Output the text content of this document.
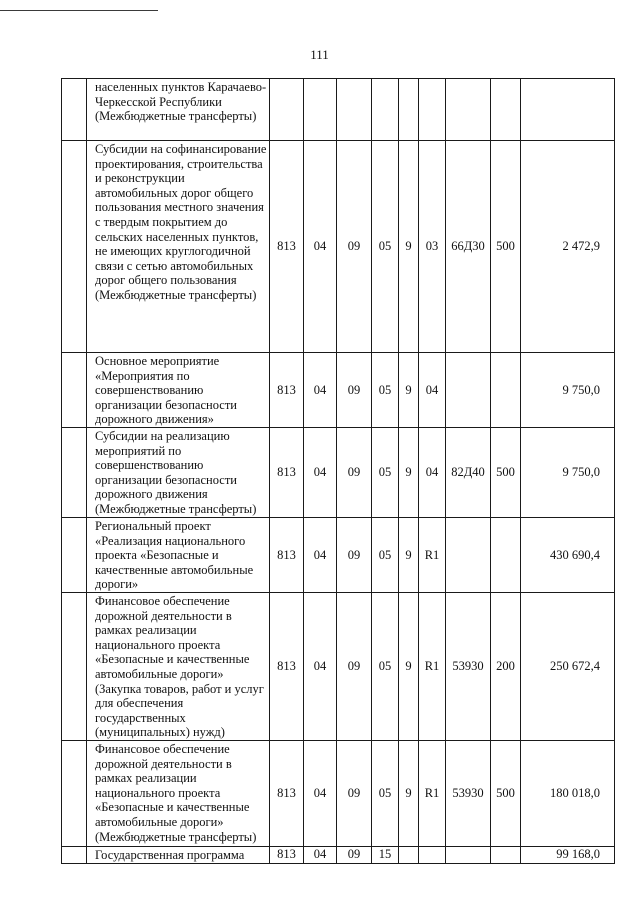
111
	населенных пунктов Карачаево-Черкесской Республики (Межбюджетные трансферты)									
	Субсидии на софинансирование проектирования, строительства и реконструкции автомобильных дорог общего пользования местного значения с твердым покрытием до сельских населенных пунктов, не имеющих круглогодичной связи с сетью автомобильных дорог общего пользования (Межбюджетные трансферты)	813	04	09	05	9	03	66Д30	500	2 472,9
	Основное мероприятие «Мероприятия по совершенствованию организации безопасности дорожного движения»	813	04	09	05	9	04			9 750,0
	Субсидии на реализацию мероприятий по совершенствованию организации безопасности дорожного движения (Межбюджетные трансферты)	813	04	09	05	9	04	82Д40	500	9 750,0
	Региональный проект «Реализация национального проекта «Безопасные и качественные автомобильные дороги»	813	04	09	05	9	R1			430 690,4
	Финансовое обеспечение дорожной деятельности в рамках реализации национального проекта «Безопасные и качественные автомобильные дороги» (Закупка товаров, работ и услуг для обеспечения государственных (муниципальных) нужд)	813	04	09	05	9	R1	53930	200	250 672,4
	Финансовое обеспечение дорожной деятельности в рамках реализации национального проекта «Безопасные и качественные автомобильные дороги» (Межбюджетные трансферты)	813	04	09	05	9	R1	53930	500	180 018,0
	Государственная программа	813	04	09	15					99 168,0
